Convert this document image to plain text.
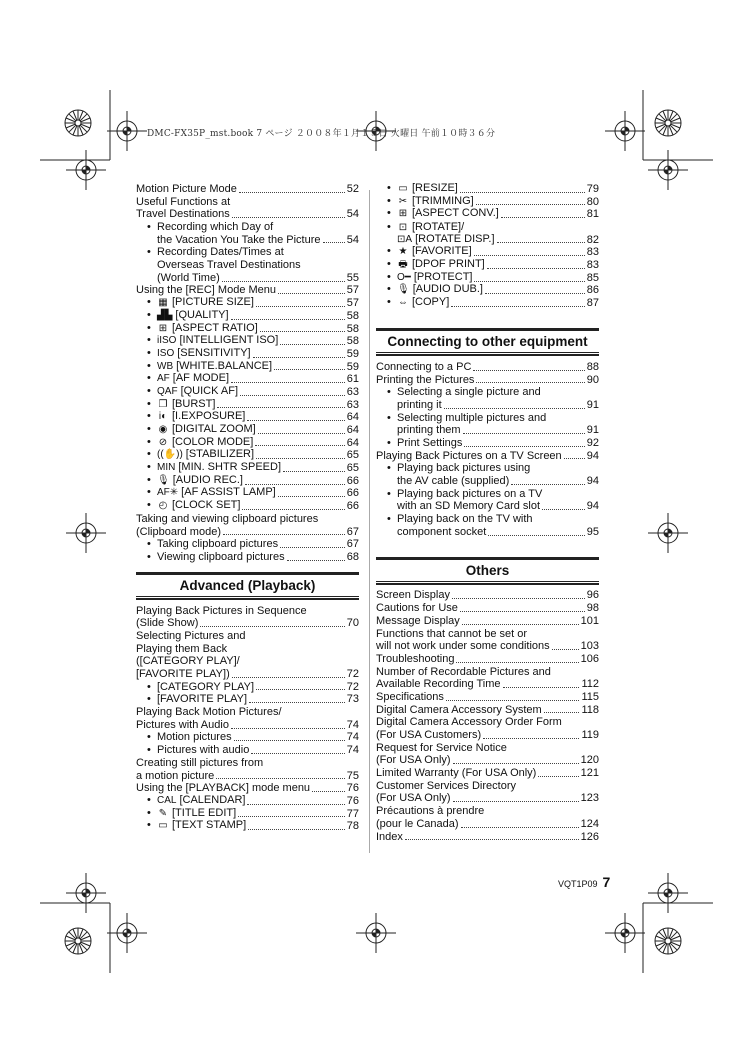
DMC-FX35P_mst.book 7 ページ ２００８年１月１５日 火曜日 午前１０時３６分
Motion Picture Mode	52
Useful Functions at
Travel Destinations	54
• Recording which Day of
the Vacation You Take the Picture 54
• Recording Dates/Times at
Overseas Travel Destinations
(World Time)	55
Using the [REC] Mode Menu	57
• ▦ [PICTURE SIZE]	57
• ▟▙ [QUALITY]	58
• ⊞ [ASPECT RATIO]	58
• iISO [INTELLIGENT ISO]	58
• ISO [SENSITIVITY]	59
• WB [WHITE.BALANCE]	59
• AF [AF MODE]	61
• QAF [QUICK AF]	63
• ❐ [BURST]	63
• i◐ [I.EXPOSURE]	64
• ◉ [DIGITAL ZOOM]	64
• ⊘ [COLOR MODE]	64
• ((✋)) [STABILIZER]	65
• MIN [MIN. SHTR SPEED]	65
• 🎙 [AUDIO REC.]	66
• AF✳ [AF ASSIST LAMP]	66
• ◴ [CLOCK SET]	66
Taking and viewing clipboard pictures
(Clipboard mode)	67
• Taking clipboard pictures	67
• Viewing clipboard pictures	68
Advanced (Playback)
Playing Back Pictures in Sequence
(Slide Show)	70
Selecting Pictures and
Playing them Back
([CATEGORY PLAY]/
[FAVORITE PLAY])	72
• [CATEGORY PLAY]	72
• [FAVORITE PLAY]	73
Playing Back Motion Pictures/
Pictures with Audio	74
• Motion pictures	74
• Pictures with audio	74
Creating still pictures from
a motion picture	75
Using the [PLAYBACK] mode menu	76
• CAL [CALENDAR]	76
• ✎ [TITLE EDIT]	77
• ▭ [TEXT STAMP]	78
• ▭ [RESIZE]	79
• ✂ [TRIMMING]	80
• ⊞ [ASPECT CONV.]	81
• ⊡ [ROTATE]/
⊡A [ROTATE DISP.]	82
• ★ [FAVORITE]	83
• 🖶 [DPOF PRINT]	83
• O━ [PROTECT]	85
• 🎙 [AUDIO DUB.]	86
• ⇔ [COPY]	87
Connecting to other equipment
Connecting to a PC	88
Printing the Pictures	90
• Selecting a single picture and
printing it	91
• Selecting multiple pictures and
printing them	91
• Print Settings	92
Playing Back Pictures on a TV Screen 94
• Playing back pictures using
the AV cable (supplied)	94
• Playing back pictures on a TV
with an SD Memory Card slot	94
• Playing back on the TV with
component socket	95
Others
Screen Display	96
Cautions for Use	98
Message Display	101
Functions that cannot be set or
will not work under some conditions	103
Troubleshooting	106
Number of Recordable Pictures and
Available Recording Time	112
Specifications	115
Digital Camera Accessory System	118
Digital Camera Accessory Order Form
(For USA Customers)	119
Request for Service Notice
(For USA Only)	120
Limited Warranty (For USA Only)	121
Customer Services Directory
(For USA Only)	123
Précautions à prendre
(pour le Canada)	124
Index	126
VQT1P09 7
